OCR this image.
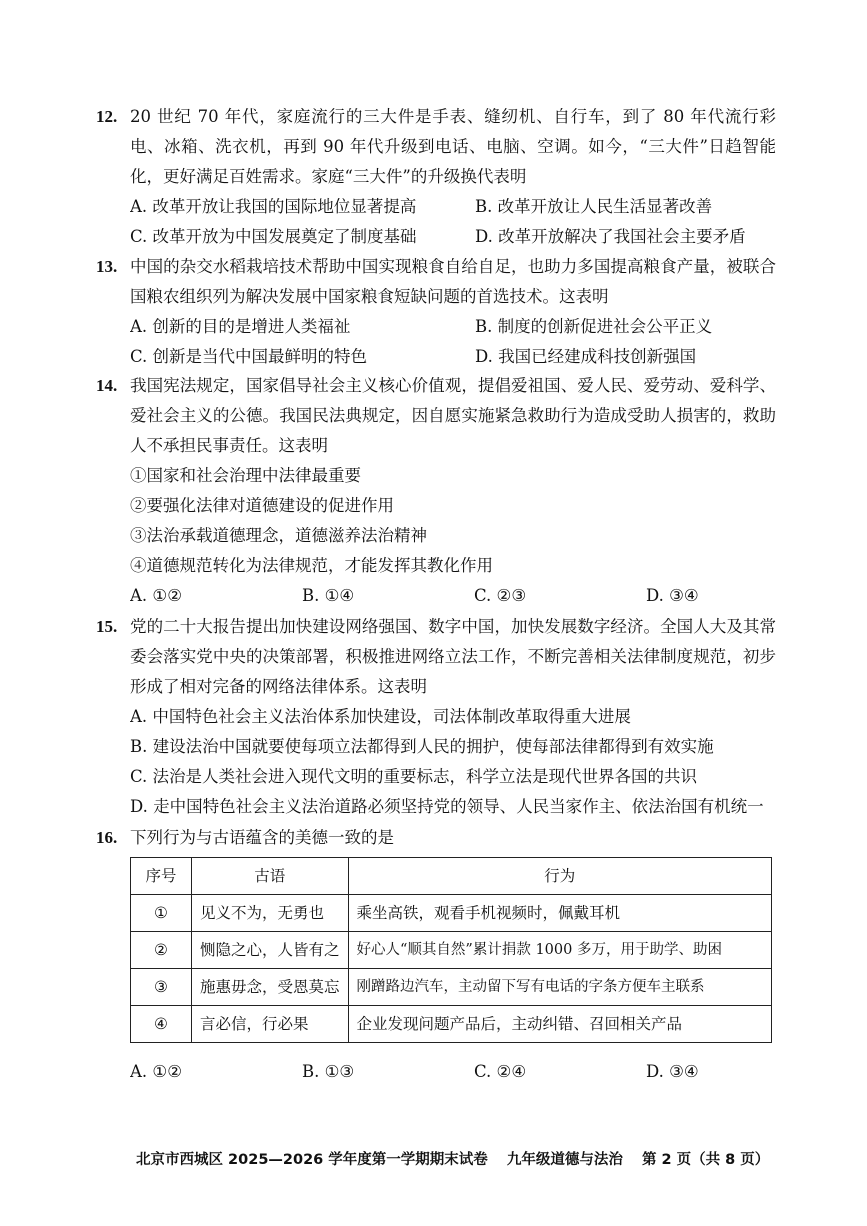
12. 20 世纪 70 年代，家庭流行的三大件是手表、缝纫机、自行车，到了 80 年代流行彩电、冰箱、洗衣机，再到 90 年代升级到电话、电脑、空调。如今，“三大件”日趋智能化，更好满足百姓需求。家庭“三大件”的升级换代表明
A. 改革开放让我国的国际地位显著提高	B. 改革开放让人民生活显著改善
C. 改革开放为中国发展奠定了制度基础	D. 改革开放解决了我国社会主要矛盾
13. 中国的杂交水稻栽培技术帮助中国实现粮食自给自足，也助力多国提高粮食产量，被联合国粮农组织列为解决发展中国家粮食短缺问题的首选技术。这表明
A. 创新的目的是增进人类福祉	B. 制度的创新促进社会公平正义
C. 创新是当代中国最鲜明的特色	D. 我国已经建成科技创新强国
14. 我国宪法规定，国家倡导社会主义核心价值观，提倡爱祖国、爱人民、爱劳动、爱科学、爱社会主义的公德。我国民法典规定，因自愿实施紧急救助行为造成受助人损害的，救助人不承担民事责任。这表明
①国家和社会治理中法律最重要
②要强化法律对道德建设的促进作用
③法治承载道德理念，道德滋养法治精神
④道德规范转化为法律规范，才能发挥其教化作用
A. ①②	B. ①④	C. ②③	D. ③④
15. 党的二十大报告提出加快建设网络强国、数字中国，加快发展数字经济。全国人大及其常委会落实党中央的决策部署，积极推进网络立法工作，不断完善相关法律制度规范，初步形成了相对完备的网络法律体系。这表明
A. 中国特色社会主义法治体系加快建设，司法体制改革取得重大进展
B. 建设法治中国就要使每项立法都得到人民的拥护，使每部法律都得到有效实施
C. 法治是人类社会进入现代文明的重要标志，科学立法是现代世界各国的共识
D. 走中国特色社会主义法治道路必须坚持党的领导、人民当家作主、依法治国有机统一
16. 下列行为与古语蕴含的美德一致的是
序号	古语	行为
①	见义不为，无勇也	乘坐高铁，观看手机视频时，佩戴耳机
②	恻隐之心，人皆有之	好心人“顺其自然”累计捐款 1000 多万，用于助学、助困
③	施惠毋念，受恩莫忘	刚蹭路边汽车，主动留下写有电话的字条方便车主联系
④	言必信，行必果	企业发现问题产品后，主动纠错、召回相关产品
A. ①②	B. ①③	C. ②④	D. ③④
北京市西城区 2025—2026 学年度第一学期期末试卷 九年级道德与法治 第 2 页（共 8 页）
